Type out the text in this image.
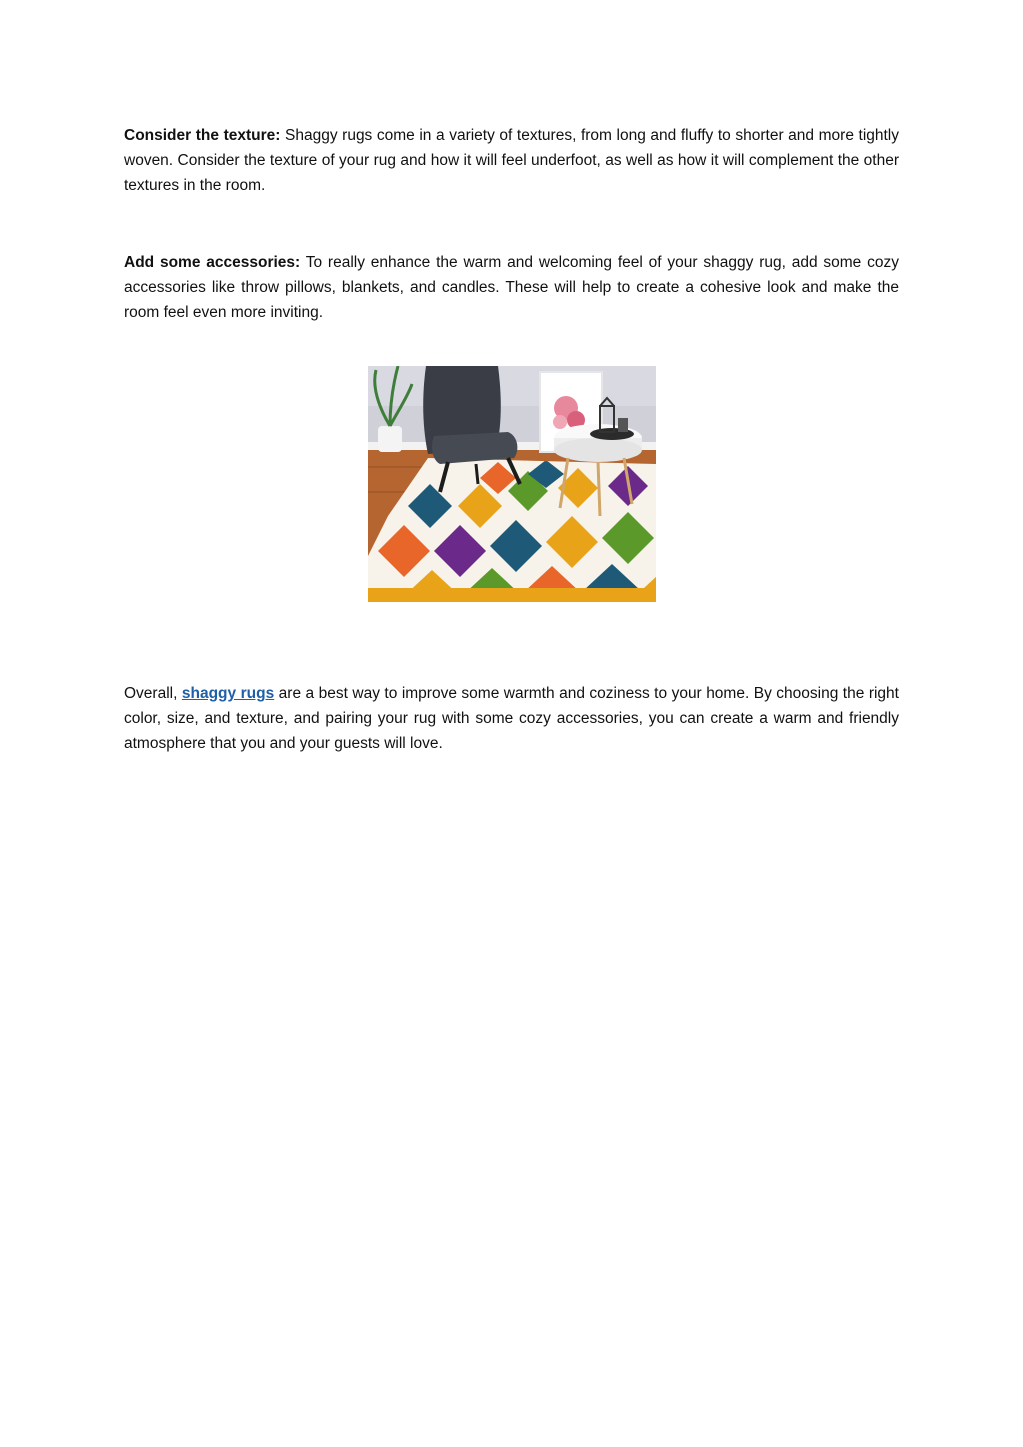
Consider the texture: Shaggy rugs come in a variety of textures, from long and fluffy to shorter and more tightly woven. Consider the texture of your rug and how it will feel underfoot, as well as how it will complement the other textures in the room.

Add some accessories: To really enhance the warm and welcoming feel of your shaggy rug, add some cozy accessories like throw pillows, blankets, and candles. These will help to create a cohesive look and make the room feel even more inviting.

Overall, shaggy rugs are a best way to improve some warmth and coziness to your home. By choosing the right color, size, and texture, and pairing your rug with some cozy accessories, you can create a warm and friendly atmosphere that you and your guests will love.
